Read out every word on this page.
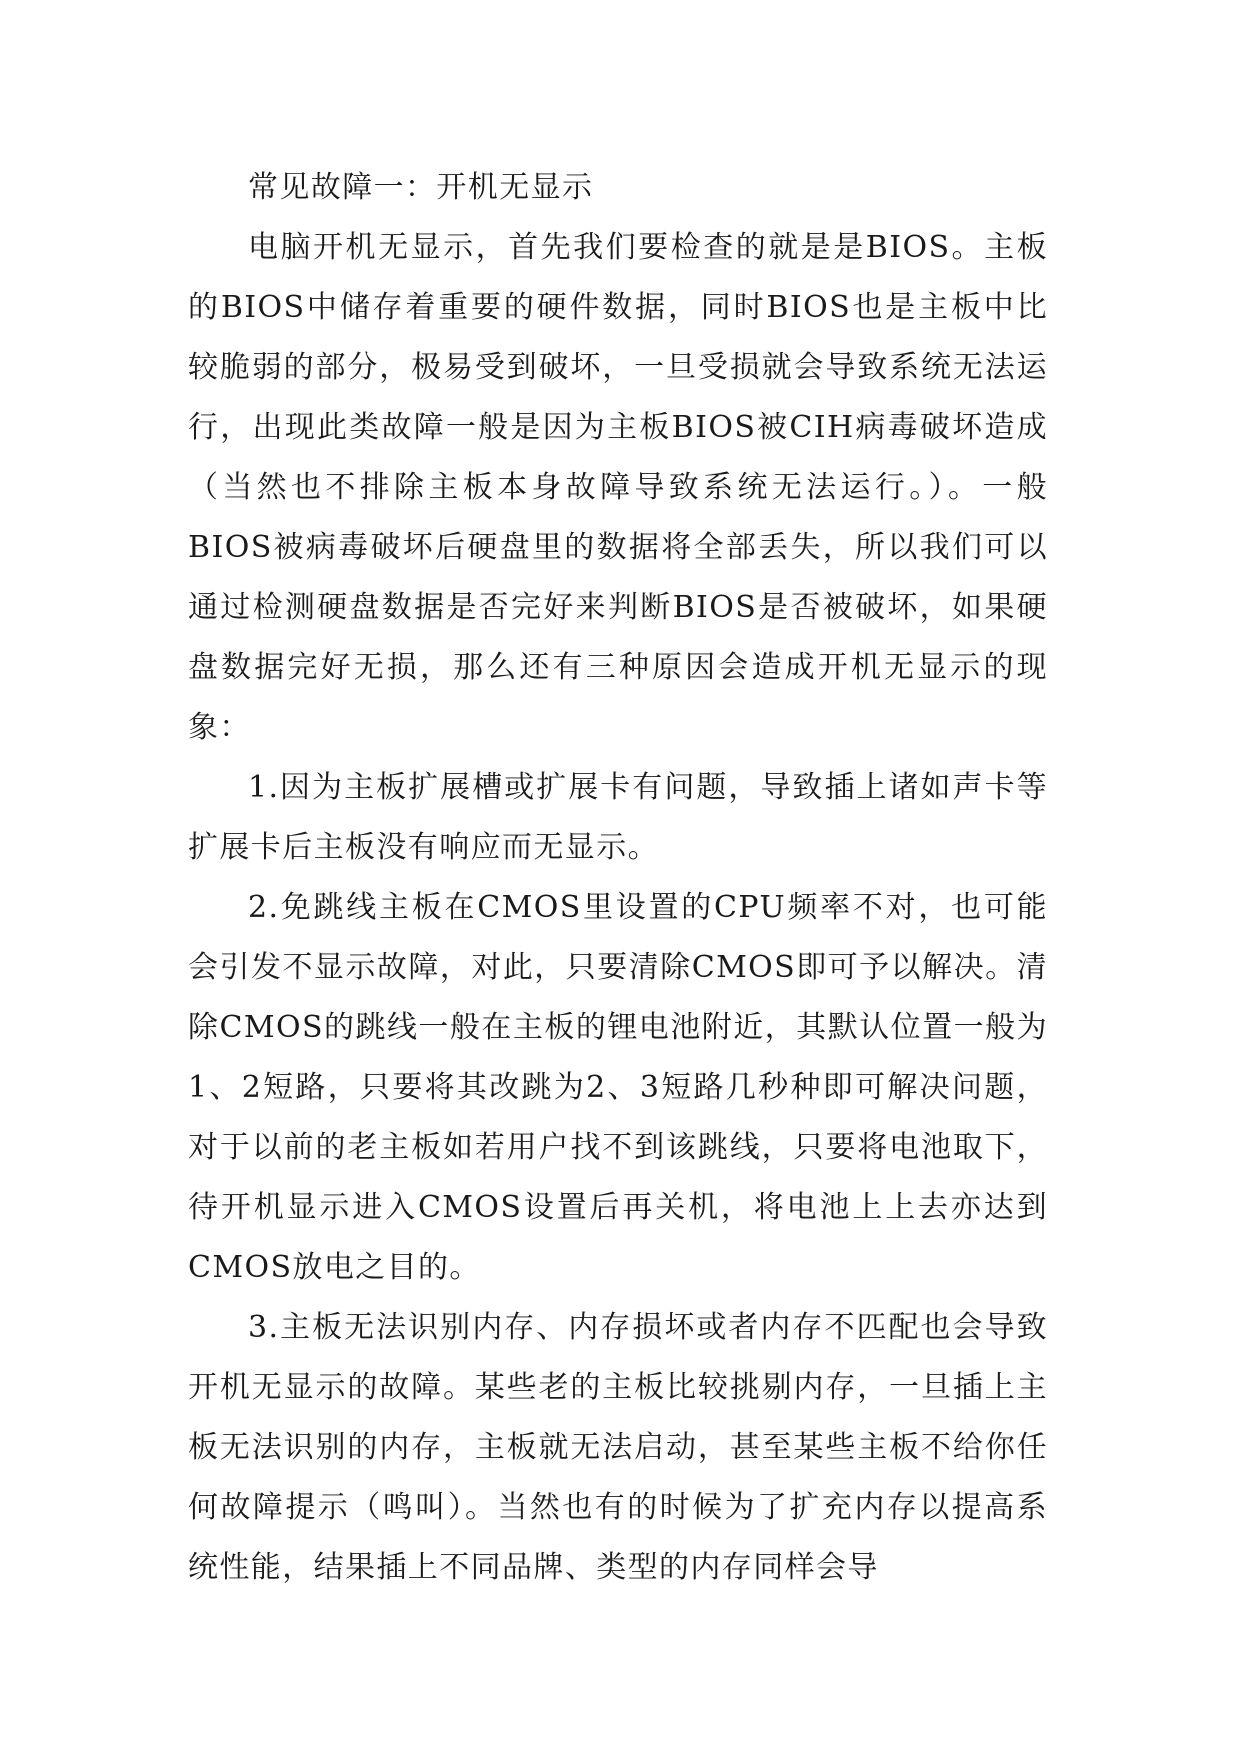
常见故障一：开机无显示

电脑开机无显示，首先我们要检查的就是是BIOS。主板的BIOS中储存着重要的硬件数据，同时BIOS也是主板中比较脆弱的部分，极易受到破坏，一旦受损就会导致系统无法运行，出现此类故障一般是因为主板BIOS被CIH病毒破坏造成（当然也不排除主板本身故障导致系统无法运行。）。一般BIOS被病毒破坏后硬盘里的数据将全部丢失，所以我们可以通过检测硬盘数据是否完好来判断BIOS是否被破坏，如果硬盘数据完好无损，那么还有三种原因会造成开机无显示的现象：

1.因为主板扩展槽或扩展卡有问题，导致插上诸如声卡等扩展卡后主板没有响应而无显示。

2.免跳线主板在CMOS里设置的CPU频率不对，也可能会引发不显示故障，对此，只要清除CMOS即可予以解决。清除CMOS的跳线一般在主板的锂电池附近，其默认位置一般为1、2短路，只要将其改跳为2、3短路几秒种即可解决问题，对于以前的老主板如若用户找不到该跳线，只要将电池取下，待开机显示进入CMOS设置后再关机，将电池上上去亦达到CMOS放电之目的。

3.主板无法识别内存、内存损坏或者内存不匹配也会导致开机无显示的故障。某些老的主板比较挑剔内存，一旦插上主板无法识别的内存，主板就无法启动，甚至某些主板不给你任何故障提示（鸣叫）。当然也有的时候为了扩充内存以提高系统性能，结果插上不同品牌、类型的内存同样会导
